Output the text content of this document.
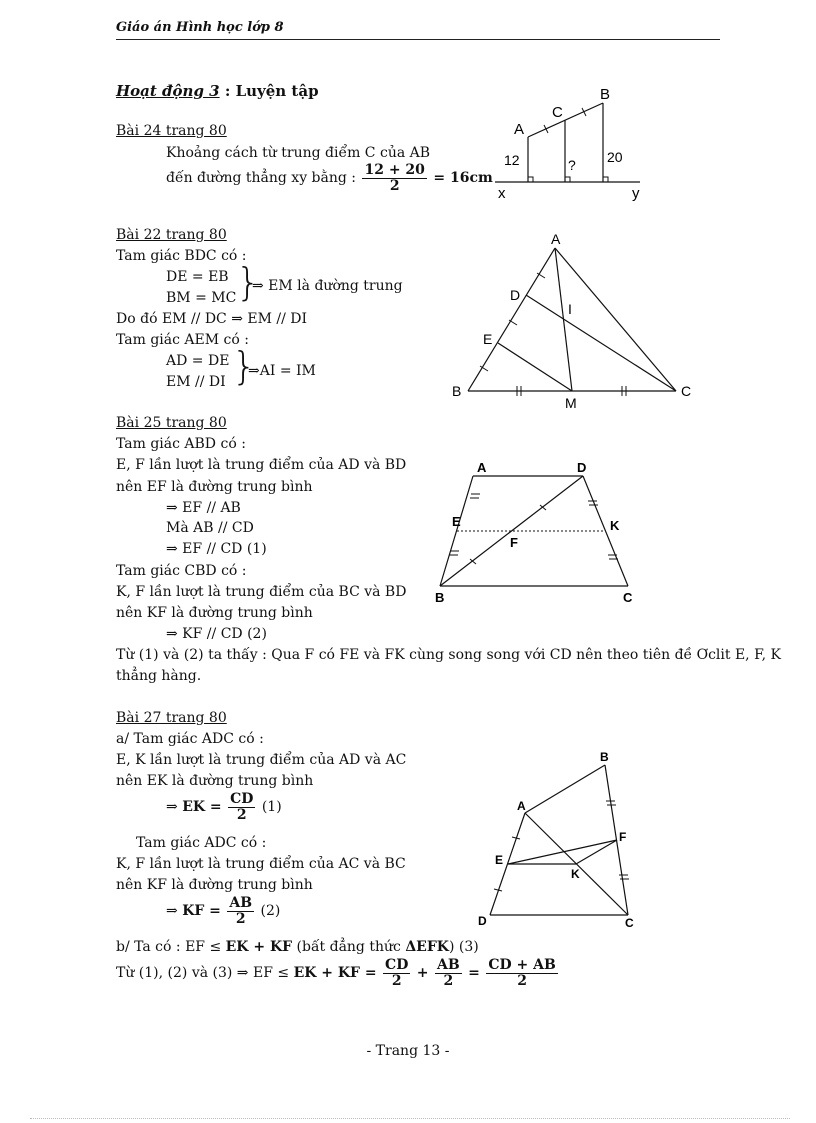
Giáo án Hình học lớp 8
Hoạt động 3 : Luyện tập
Bài 24 trang 80
Khoảng cách từ trung điểm C của AB
đến đường thẳng xy bằng : $\frac{12 + 20}{2} = 16cm$
A
C
B
12	? 20
x	y
Bài 22 trang 80
Tam giác BDC có :
DE = EB
BM = MC }
⇒ EM là đường trung
Do đó EM // DC ⇒ EM // DI
Tam giác AEM có :
AD = DE
EM // DI }
⇒AI = IM
A
B	C
D
E
I
M
Bài 25 trang 80
Tam giác ABD có :
E, F lần lượt là trung điểm của AD và BD
nên EF là đường trung bình
⇒ EF // AB
Mà AB // CD
⇒ EF // CD (1)
Tam giác CBD có :
K, F lần lượt là trung điểm của BC và BD
nên KF là đường trung bình
⇒ KF // CD (2)
Từ (1) và (2) ta thấy : Qua F có FE và FK cùng song song với CD nên theo tiên đề Ơclit E, F, K
thẳng hàng.
A	D
B	C
E	K
F
Bài 27 trang 80
a/ Tam giác ADC có :
E, K lần lượt là trung điểm của AD và AC
nên EK là đường trung bình
⇒ EK = $\frac{CD}{2} (1)$
Tam giác ADC có :
K, F lần lượt là trung điểm của AC và BC
nên KF là đường trung bình
⇒ KF = $\frac{AB}{2} (2)$
b/ Ta có : EF ≤ EK + KF (bất đẳng thức ΔEFK) (3)
Từ (1), (2) và (3) ⇒ EF ≤ EK + KF = $\frac{CD}{2} + \frac{AB}{2} = \frac{CD + AB}{2}$
B
A
E
F
K
D	C
- Trang 13 -
